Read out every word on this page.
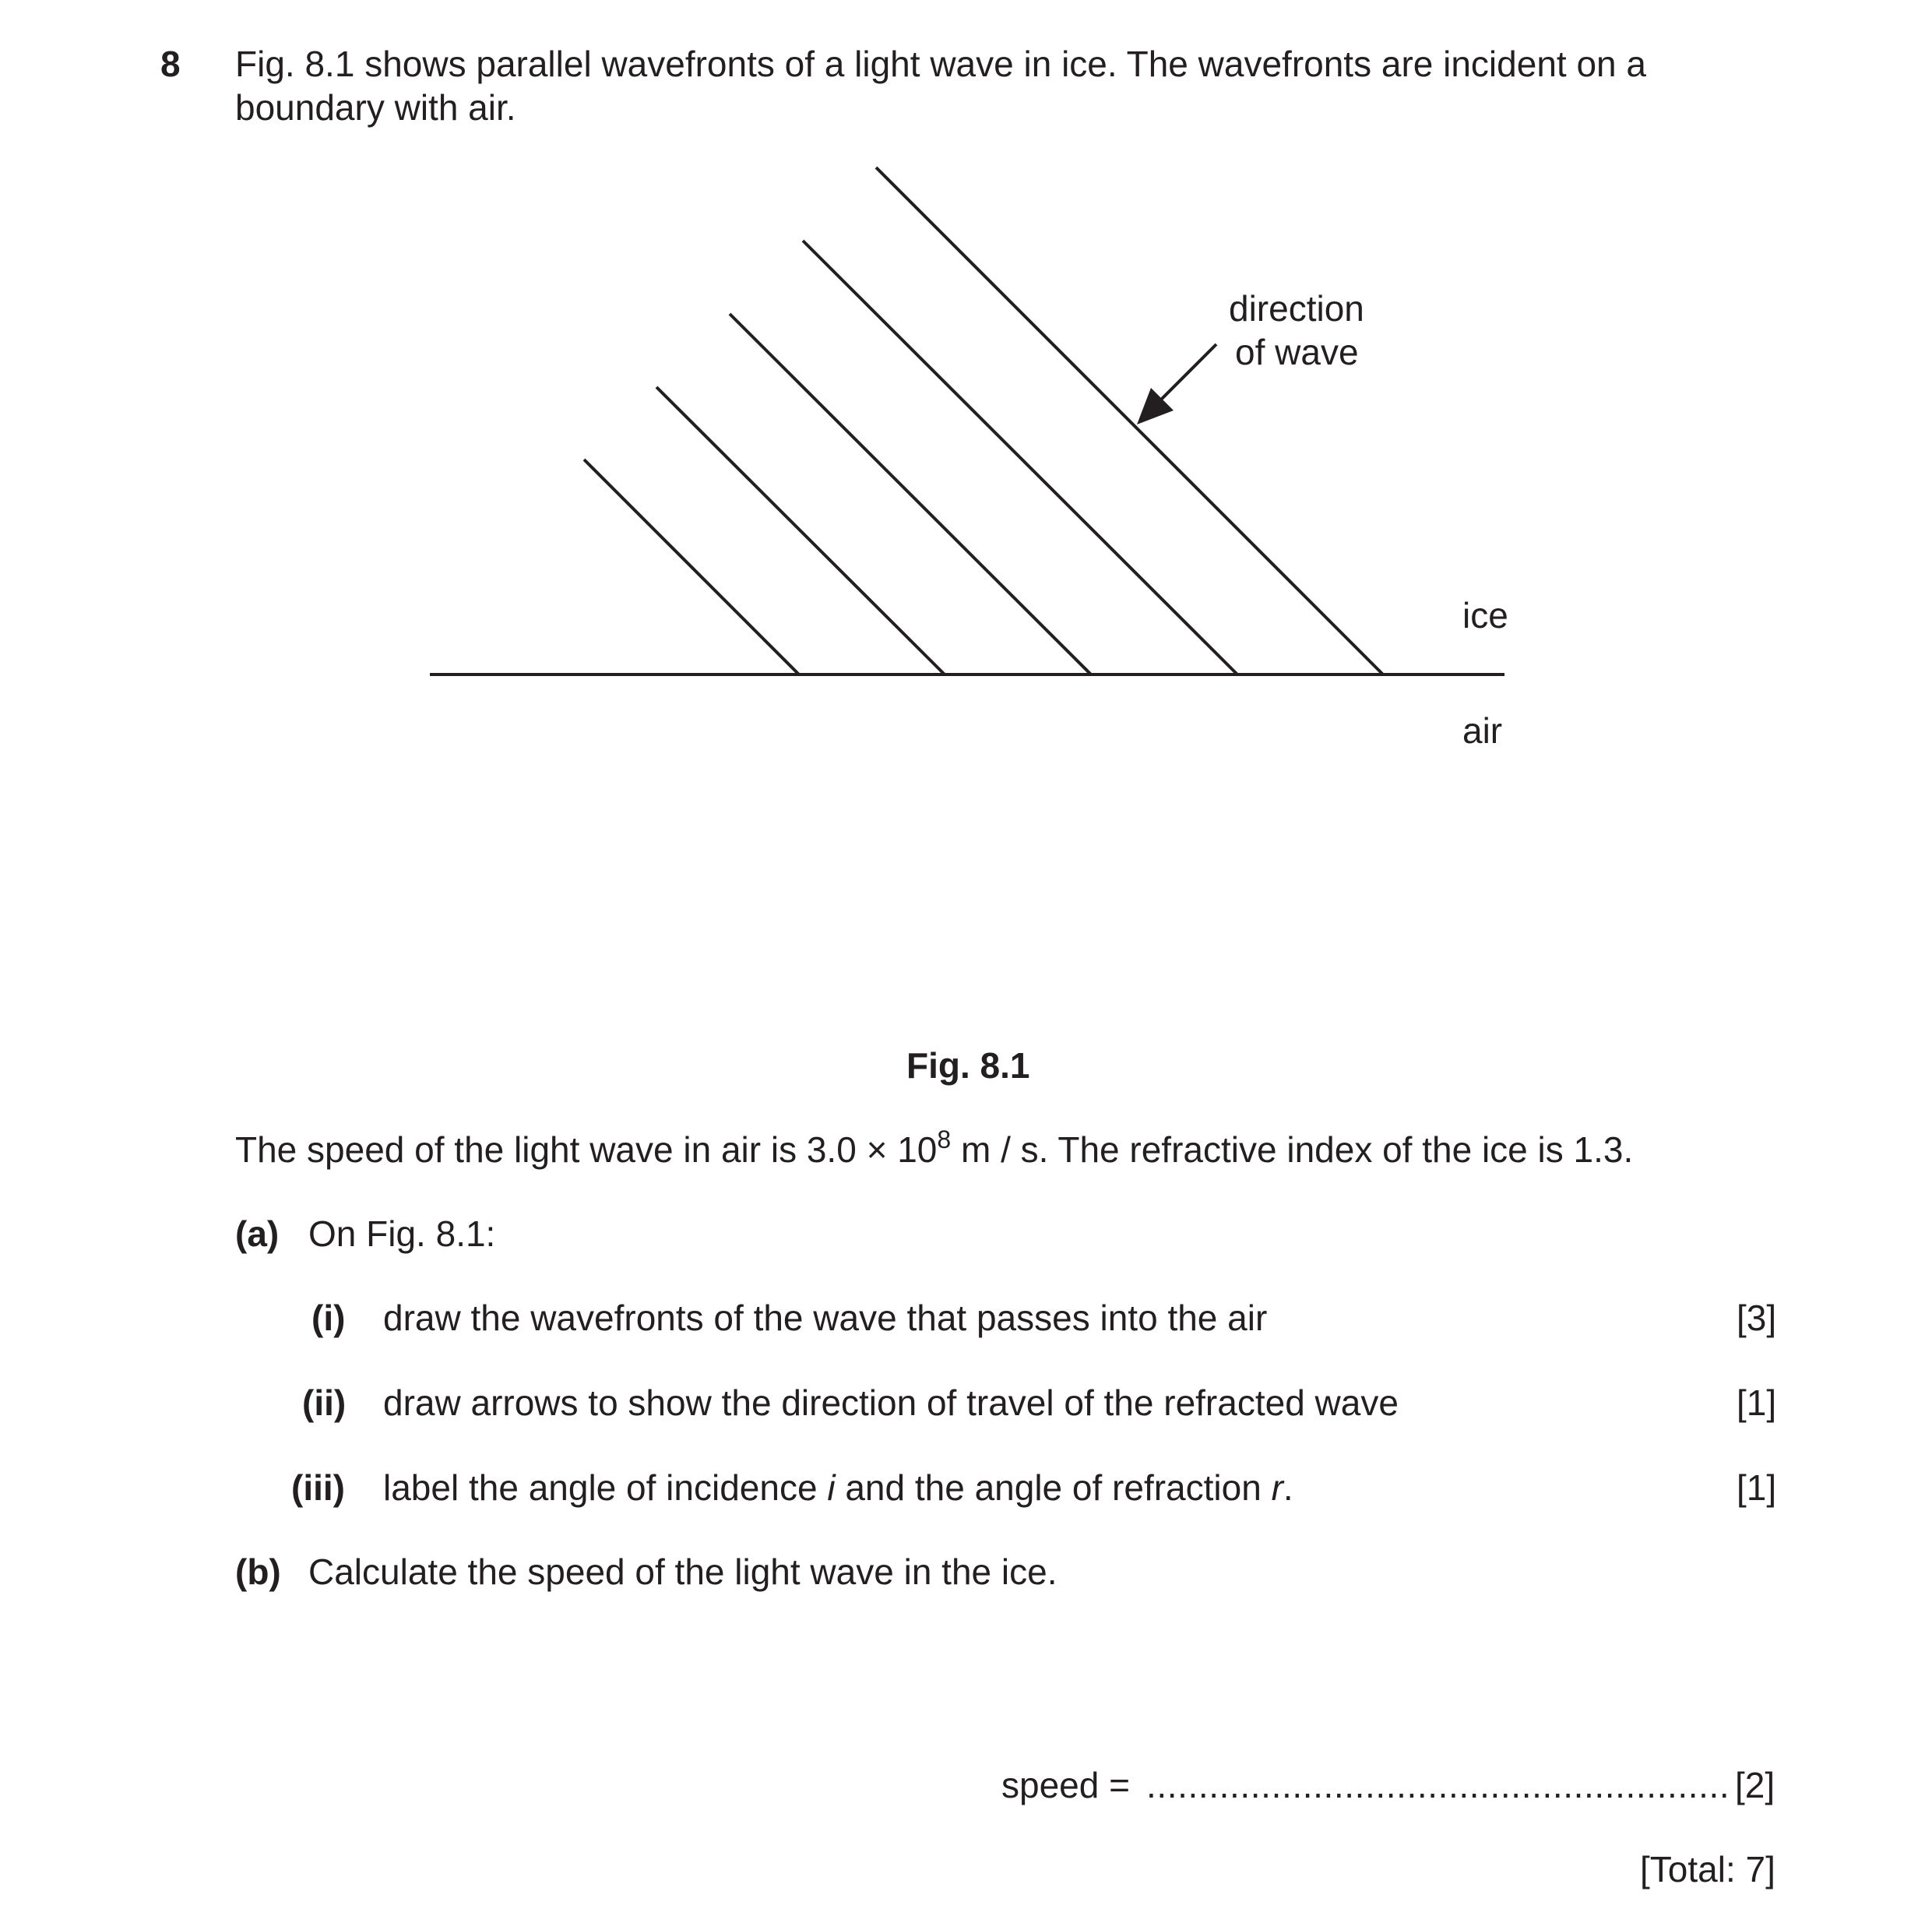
8 Fig. 8.1 shows parallel wavefronts of a light wave in ice. The wavefronts are incident on a boundary with air.
direction
of wave
ice
air
Fig. 8.1
The speed of the light wave in air is $3.0 \times 10^8$ m / s. The refractive index of the ice is 1.3.
(a) On Fig. 8.1:
(i) draw the wavefronts of the wave that passes into the air	[3]
(ii) draw arrows to show the direction of travel of the refracted wave	[1]
(iii) label the angle of incidence i and the angle of refraction r.	[1]
(b) Calculate the speed of the light wave in the ice.
speed = ........................................................ [2]
[Total: 7]
